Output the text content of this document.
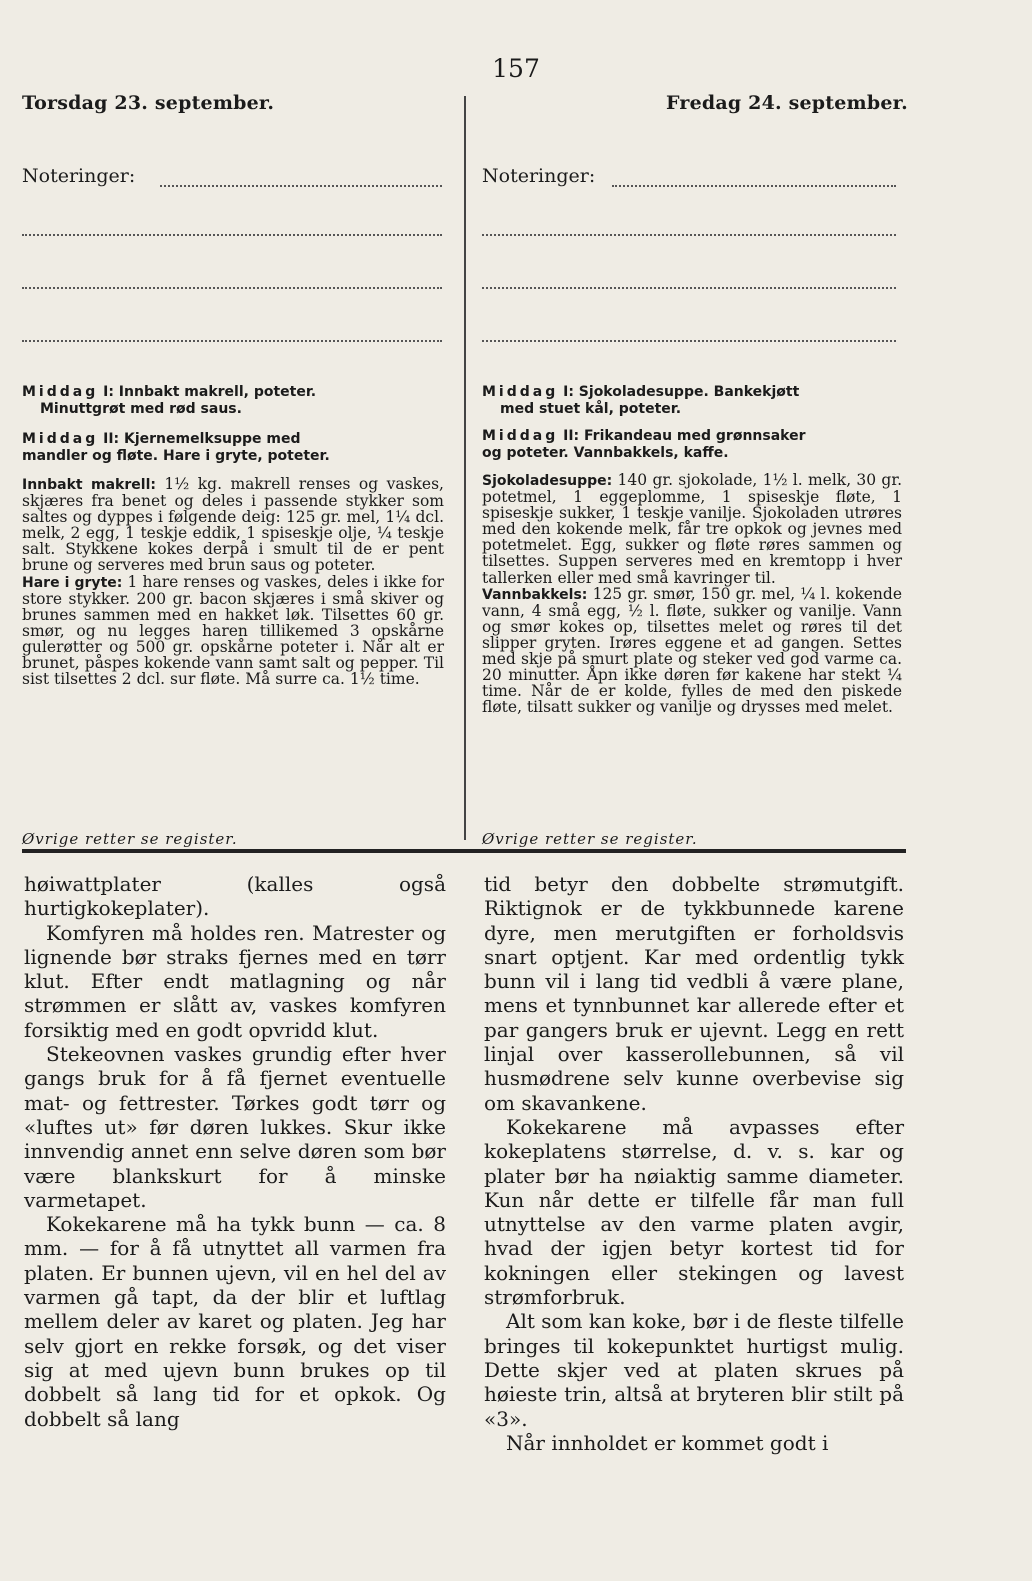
157
Torsdag 23. september.
Noteringer:
Middag I: Innbakt makrell, poteter.
Minuttgrøt med rød saus.
Middag II: Kjernemelksuppe med
mandler og fløte. Hare i gryte, poteter.

Innbakt makrell: 1½ kg. makrell renses og vaskes, skjæres fra benet og deles i passende stykker som saltes og dyppes i følgende deig: 125 gr. mel, 1¼ dcl. melk, 2 egg, 1 teskje eddik, 1 spiseskje olje, ¼ teskje salt. Stykkene kokes derpå i smult til de er pent brune og serveres med brun saus og poteter.

Hare i gryte: 1 hare renses og vaskes, deles i ikke for store stykker. 200 gr. bacon skjæres i små skiver og brunes sammen med en hakket løk. Tilsettes 60 gr. smør, og nu legges haren tillikemed 3 opskårne gulerøtter og 500 gr. opskårne poteter i. Når alt er brunet, påspes kokende vann samt salt og pepper. Til sist tilsettes 2 dcl. sur fløte. Må surre ca. 1½ time.

Øvrige retter se register.
Fredag 24. september.
Noteringer:
Middag I: Sjokoladesuppe. Bankekjøtt
med stuet kål, poteter.
Middag II: Frikandeau med grønnsaker
og poteter. Vannbakkels, kaffe.

Sjokoladesuppe: 140 gr. sjokolade, 1½ l. melk, 30 gr. potetmel, 1 eggeplomme, 1 spiseskje fløte, 1 spiseskje sukker, 1 teskje vanilje. Sjokoladen utrøres med den kokende melk, får tre opkok og jevnes med potetmelet. Egg, sukker og fløte røres sammen og tilsettes. Suppen serveres med en kremtopp i hver tallerken eller med små kavringer til.

Vannbakkels: 125 gr. smør, 150 gr. mel, ¼ l. kokende vann, 4 små egg, ½ l. fløte, sukker og vanilje. Vann og smør kokes op, tilsettes melet og røres til det slipper gryten. Irøres eggene et ad gangen. Settes med skje på smurt plate og steker ved god varme ca. 20 minutter. Åpn ikke døren før kakene har stekt ¼ time. Når de er kolde, fylles de med den piskede fløte, tilsatt sukker og vanilje og drysses med melet.

Øvrige retter se register.

høiwattplater (kalles også hurtigkokeplater).

Komfyren må holdes ren. Matrester og lignende bør straks fjernes med en tørr klut. Efter endt matlagning og når strømmen er slått av, vaskes komfyren forsiktig med en godt opvridd klut.

Stekeovnen vaskes grundig efter hver gangs bruk for å få fjernet eventuelle mat- og fettrester. Tørkes godt tørr og «luftes ut» før døren lukkes. Skur ikke innvendig annet enn selve døren som bør være blankskurt for å minske varmetapet.

Kokekarene må ha tykk bunn — ca. 8 mm. — for å få utnyttet all varmen fra platen. Er bunnen ujevn, vil en hel del av varmen gå tapt, da der blir et luftlag mellem deler av karet og platen. Jeg har selv gjort en rekke forsøk, og det viser sig at med ujevn bunn brukes op til dobbelt så lang tid for et opkok. Og dobbelt så lang

tid betyr den dobbelte strømutgift. Riktignok er de tykkbunnede karene dyre, men merutgiften er forholdsvis snart optjent. Kar med ordentlig tykk bunn vil i lang tid vedbli å være plane, mens et tynnbunnet kar allerede efter et par gangers bruk er ujevnt. Legg en rett linjal over kasserollebunnen, så vil husmødrene selv kunne overbevise sig om skavankene.

Kokekarene må avpasses efter kokeplatens størrelse, d. v. s. kar og plater bør ha nøiaktig samme diameter. Kun når dette er tilfelle får man full utnyttelse av den varme platen avgir, hvad der igjen betyr kortest tid for kokningen eller stekingen og lavest strømforbruk.

Alt som kan koke, bør i de fleste tilfelle bringes til kokepunktet hurtigst mulig. Dette skjer ved at platen skrues på høieste trin, altså at bryteren blir stilt på «3».

Når innholdet er kommet godt i
